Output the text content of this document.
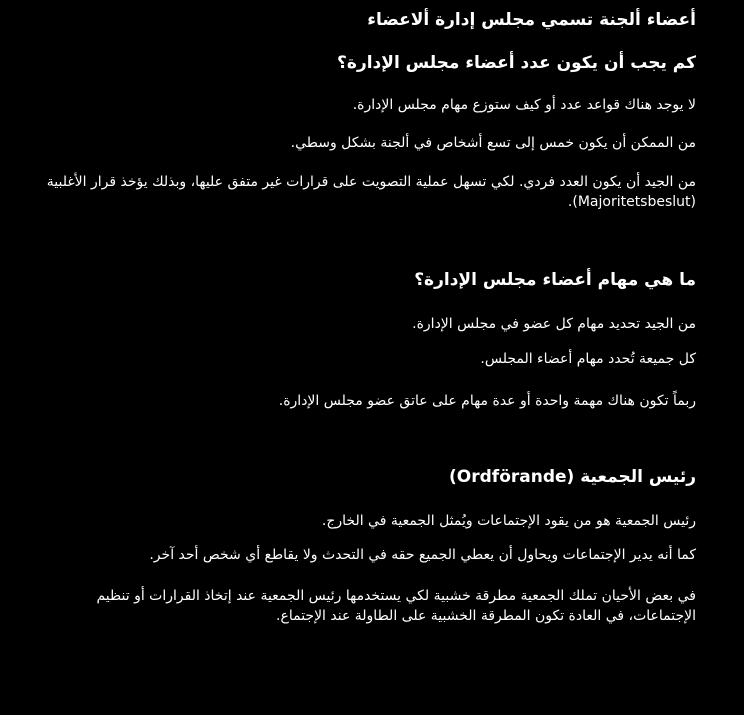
أعضاء ألجنة تسمي مجلس إدارة ألاعضاء

كم يجب أن يكون عدد أعضاء مجلس الإدارة؟

لا يوجد هناك قواعد عدد أو كيف ستوزع مهام مجلس الإدارة.

من الممكن أن يكون خمس إلى تسع أشخاص في ألجنة بشكل وسطي.

من الجيد أن يكون العدد فردي. لكي تسهل عملية التصويت على قرارات غير متفق عليها، وبذلك يؤخذ قرار الأغلبية

(Majoritetsbeslut).

ما هي مهام أعضاء مجلس الإدارة؟

من الجيد تحديد مهام كل عضو في مجلس الإدارة.

كل جميعة تُحدد مهام أعضاء المجلس.

ربماً تكون هناك مهمة واحدة أو عدة مهام على عاتق عضو مجلس الإدارة.

رئيس الجمعية (Ordförande)

رئيس الجمعية هو من يقود الإجتماعات ويُمثل الجمعية في الخارج.

كما أنه يدير الإجتماعات ويحاول أن يعطي الجميع حقه في التحدث ولا يقاطع أي شخص أحد آخر.

في بعض الأحيان تملك الجمعية مطرقة خشبية لكي يستخدمها رئيس الجمعية عند إتخاذ القرارات أو تنظيم

الإجتماعات، في العادة تكون المطرقة الخشبية على الطاولة عند الإجتماع.
